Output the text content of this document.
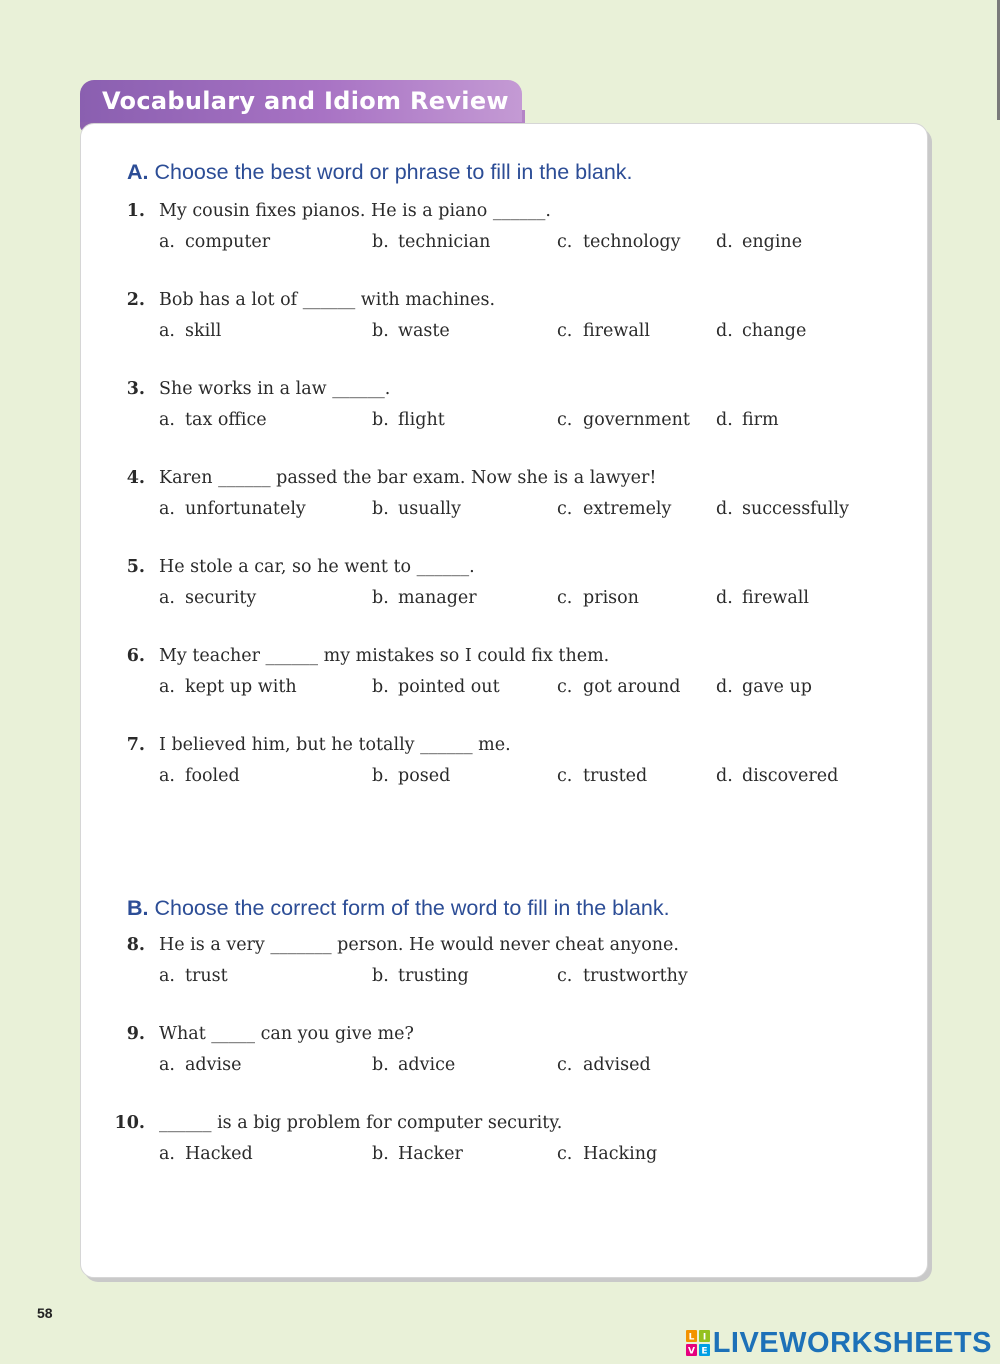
Vocabulary and Idiom Review
A. Choose the best word or phrase to fill in the blank.
1. My cousin fixes pianos. He is a piano ______.
a. computer	b. technician	c. technology d. engine
2. Bob has a lot of ______ with machines.
a. skill	b. waste	c. firewall	d. change
3. She works in a law ______.
a. tax office	b. flight	c. government d. firm
4. Karen ______ passed the bar exam. Now she is a lawyer!
a. unfortunately	b. usually	c. extremely	d. successfully
5. He stole a car, so he went to ______.
a. security	b. manager	c. prison	d. firewall
6. My teacher ______ my mistakes so I could fix them.
a. kept up with	b. pointed out	c. got around d. gave up
7. I believed him, but he totally ______ me.
a. fooled	b. posed	c. trusted	d. discovered
B. Choose the correct form of the word to fill in the blank.
8. He is a very _______ person. He would never cheat anyone.
a. trust	b. trusting	c. trustworthy
9. What _____ can you give me?
a. advise	b. advice	c. advised
10. ______ is a big problem for computer security.
a. Hacked	b. Hacker	c. Hacking
58
L I
V E LIVEWORKSHEETS
